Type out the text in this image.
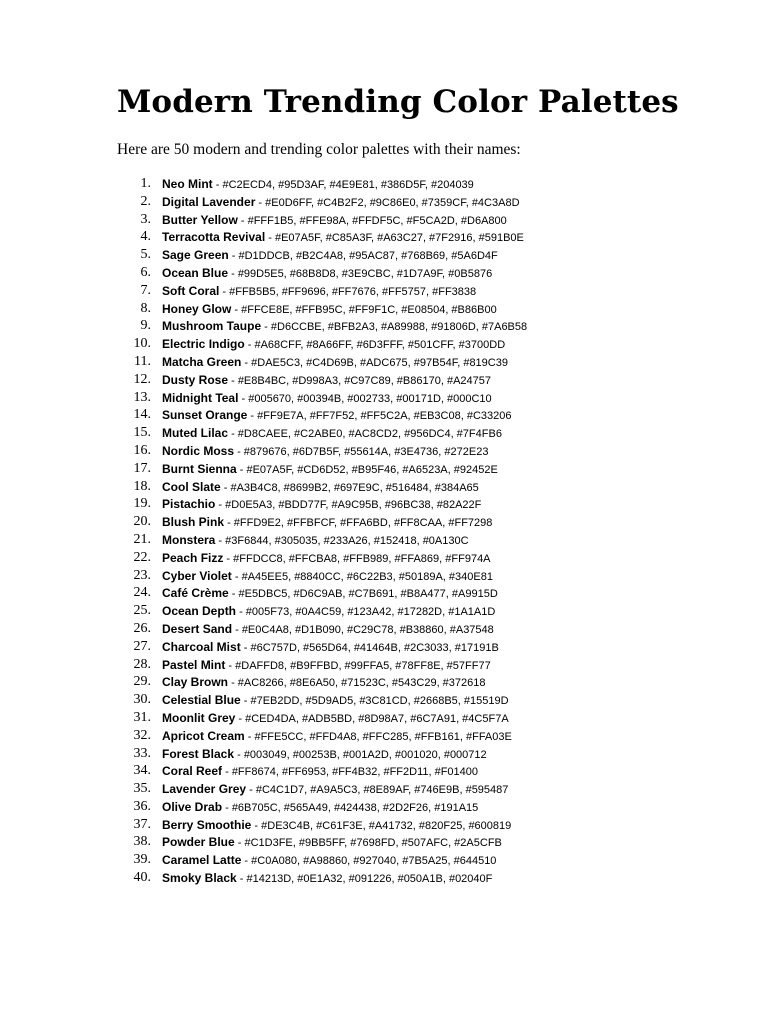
Modern Trending Color Palettes

Here are 50 modern and trending color palettes with their names:

1. Neo Mint - #C2ECD4, #95D3AF, #4E9E81, #386D5F, #204039
2. Digital Lavender - #E0D6FF, #C4B2F2, #9C86E0, #7359CF, #4C3A8D
3. Butter Yellow - #FFF1B5, #FFE98A, #FFDF5C, #F5CA2D, #D6A800
4. Terracotta Revival - #E07A5F, #C85A3F, #A63C27, #7F2916, #591B0E
5. Sage Green - #D1DDCB, #B2C4A8, #95AC87, #768B69, #5A6D4F
6. Ocean Blue - #99D5E5, #68B8D8, #3E9CBC, #1D7A9F, #0B5876
7. Soft Coral - #FFB5B5, #FF9696, #FF7676, #FF5757, #FF3838
8. Honey Glow - #FFCE8E, #FFB95C, #FF9F1C, #E08504, #B86B00
9. Mushroom Taupe - #D6CCBE, #BFB2A3, #A89988, #91806D, #7A6B58
10. Electric Indigo - #A68CFF, #8A66FF, #6D3FFF, #501CFF, #3700DD
11. Matcha Green - #DAE5C3, #C4D69B, #ADC675, #97B54F, #819C39
12. Dusty Rose - #E8B4BC, #D998A3, #C97C89, #B86170, #A24757
13. Midnight Teal - #005670, #00394B, #002733, #00171D, #000C10
14. Sunset Orange - #FF9E7A, #FF7F52, #FF5C2A, #EB3C08, #C33206
15. Muted Lilac - #D8CAEE, #C2ABE0, #AC8CD2, #956DC4, #7F4FB6
16. Nordic Moss - #879676, #6D7B5F, #55614A, #3E4736, #272E23
17. Burnt Sienna - #E07A5F, #CD6D52, #B95F46, #A6523A, #92452E
18. Cool Slate - #A3B4C8, #8699B2, #697E9C, #516484, #384A65
19. Pistachio - #D0E5A3, #BDD77F, #A9C95B, #96BC38, #82A22F
20. Blush Pink - #FFD9E2, #FFBFCF, #FFA6BD, #FF8CAA, #FF7298
21. Monstera - #3F6844, #305035, #233A26, #152418, #0A130C
22. Peach Fizz - #FFDCC8, #FFCBA8, #FFB989, #FFA869, #FF974A
23. Cyber Violet - #A45EE5, #8840CC, #6C22B3, #50189A, #340E81
24. Café Crème - #E5DBC5, #D6C9AB, #C7B691, #B8A477, #A9915D
25. Ocean Depth - #005F73, #0A4C59, #123A42, #17282D, #1A1A1D
26. Desert Sand - #E0C4A8, #D1B090, #C29C78, #B38860, #A37548
27. Charcoal Mist - #6C757D, #565D64, #41464B, #2C3033, #17191B
28. Pastel Mint - #DAFFD8, #B9FFBD, #99FFA5, #78FF8E, #57FF77
29. Clay Brown - #AC8266, #8E6A50, #71523C, #543C29, #372618
30. Celestial Blue - #7EB2DD, #5D9AD5, #3C81CD, #2668B5, #15519D
31. Moonlit Grey - #CED4DA, #ADB5BD, #8D98A7, #6C7A91, #4C5F7A
32. Apricot Cream - #FFE5CC, #FFD4A8, #FFC285, #FFB161, #FFA03E
33. Forest Black - #003049, #00253B, #001A2D, #001020, #000712
34. Coral Reef - #FF8674, #FF6953, #FF4B32, #FF2D11, #F01400
35. Lavender Grey - #C4C1D7, #A9A5C3, #8E89AF, #746E9B, #595487
36. Olive Drab - #6B705C, #565A49, #424438, #2D2F26, #191A15
37. Berry Smoothie - #DE3C4B, #C61F3E, #A41732, #820F25, #600819
38. Powder Blue - #C1D3FE, #9BB5FF, #7698FD, #507AFC, #2A5CFB
39. Caramel Latte - #C0A080, #A98860, #927040, #7B5A25, #644510
40. Smoky Black - #14213D, #0E1A32, #091226, #050A1B, #02040F
